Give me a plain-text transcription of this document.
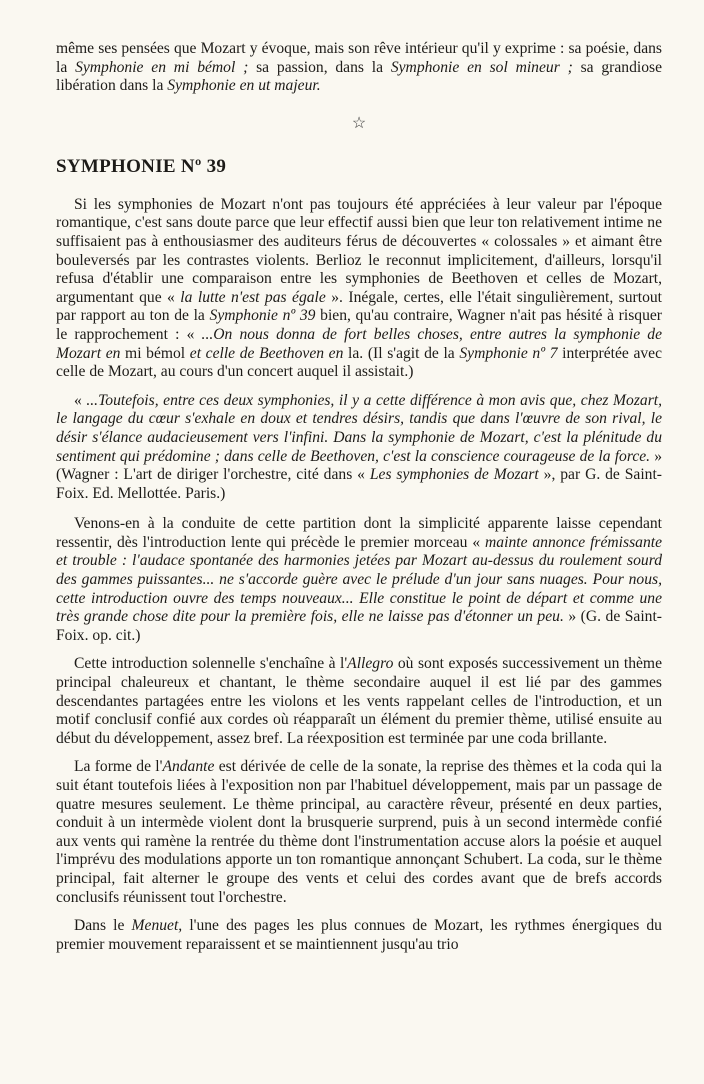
même ses pensées que Mozart y évoque, mais son rêve intérieur qu'il y exprime : sa poésie, dans la Symphonie en mi bémol ; sa passion, dans la Symphonie en sol mineur ; sa grandiose libération dans la Symphonie en ut majeur.

☆
SYMPHONIE Nº 39

Si les symphonies de Mozart n'ont pas toujours été appréciées à leur valeur par l'époque romantique, c'est sans doute parce que leur effectif aussi bien que leur ton relativement intime ne suffisaient pas à enthousiasmer des auditeurs férus de découvertes « colossales » et aimant être bouleversés par les contrastes violents. Berlioz le reconnut implicitement, d'ailleurs, lorsqu'il refusa d'établir une comparaison entre les symphonies de Beethoven et celles de Mozart, argumentant que « la lutte n'est pas égale ». Inégale, certes, elle l'était singulièrement, surtout par rapport au ton de la Symphonie nº 39 bien, qu'au contraire, Wagner n'ait pas hésité à risquer le rapprochement : « ...On nous donna de fort belles choses, entre autres la symphonie de Mozart en mi bémol et celle de Beethoven en la. (Il s'agit de la Symphonie nº 7 interprétée avec celle de Mozart, au cours d'un concert auquel il assistait.)

« ...Toutefois, entre ces deux symphonies, il y a cette différence à mon avis que, chez Mozart, le langage du cœur s'exhale en doux et tendres désirs, tandis que dans l'œuvre de son rival, le désir s'élance audacieusement vers l'infini. Dans la symphonie de Mozart, c'est la plénitude du sentiment qui prédomine ; dans celle de Beethoven, c'est la conscience courageuse de la force. » (Wagner : L'art de diriger l'orchestre, cité dans « Les symphonies de Mozart », par G. de Saint-Foix. Ed. Mellottée. Paris.)

Venons-en à la conduite de cette partition dont la simplicité apparente laisse cependant ressentir, dès l'introduction lente qui précède le premier morceau « mainte annonce frémissante et trouble : l'audace spontanée des harmonies jetées par Mozart au-dessus du roulement sourd des gammes puissantes... ne s'accorde guère avec le prélude d'un jour sans nuages. Pour nous, cette introduction ouvre des temps nouveaux... Elle constitue le point de départ et comme une très grande chose dite pour la première fois, elle ne laisse pas d'étonner un peu. » (G. de Saint-Foix. op. cit.)

Cette introduction solennelle s'enchaîne à l'Allegro où sont exposés successivement un thème principal chaleureux et chantant, le thème secondaire auquel il est lié par des gammes descendantes partagées entre les violons et les vents rappelant celles de l'introduction, et un motif conclusif confié aux cordes où réapparaît un élément du premier thème, utilisé ensuite au début du développement, assez bref. La réexposition est terminée par une coda brillante.

La forme de l'Andante est dérivée de celle de la sonate, la reprise des thèmes et la coda qui la suit étant toutefois liées à l'exposition non par l'habituel développement, mais par un passage de quatre mesures seulement. Le thème principal, au caractère rêveur, présenté en deux parties, conduit à un intermède violent dont la brusquerie surprend, puis à un second intermède confié aux vents qui ramène la rentrée du thème dont l'instrumentation accuse alors la poésie et auquel l'imprévu des modulations apporte un ton romantique annonçant Schubert. La coda, sur le thème principal, fait alterner le groupe des vents et celui des cordes avant que de brefs accords conclusifs réunissent tout l'orchestre.

Dans le Menuet, l'une des pages les plus connues de Mozart, les rythmes énergiques du premier mouvement reparaissent et se maintiennent jusqu'au trio
